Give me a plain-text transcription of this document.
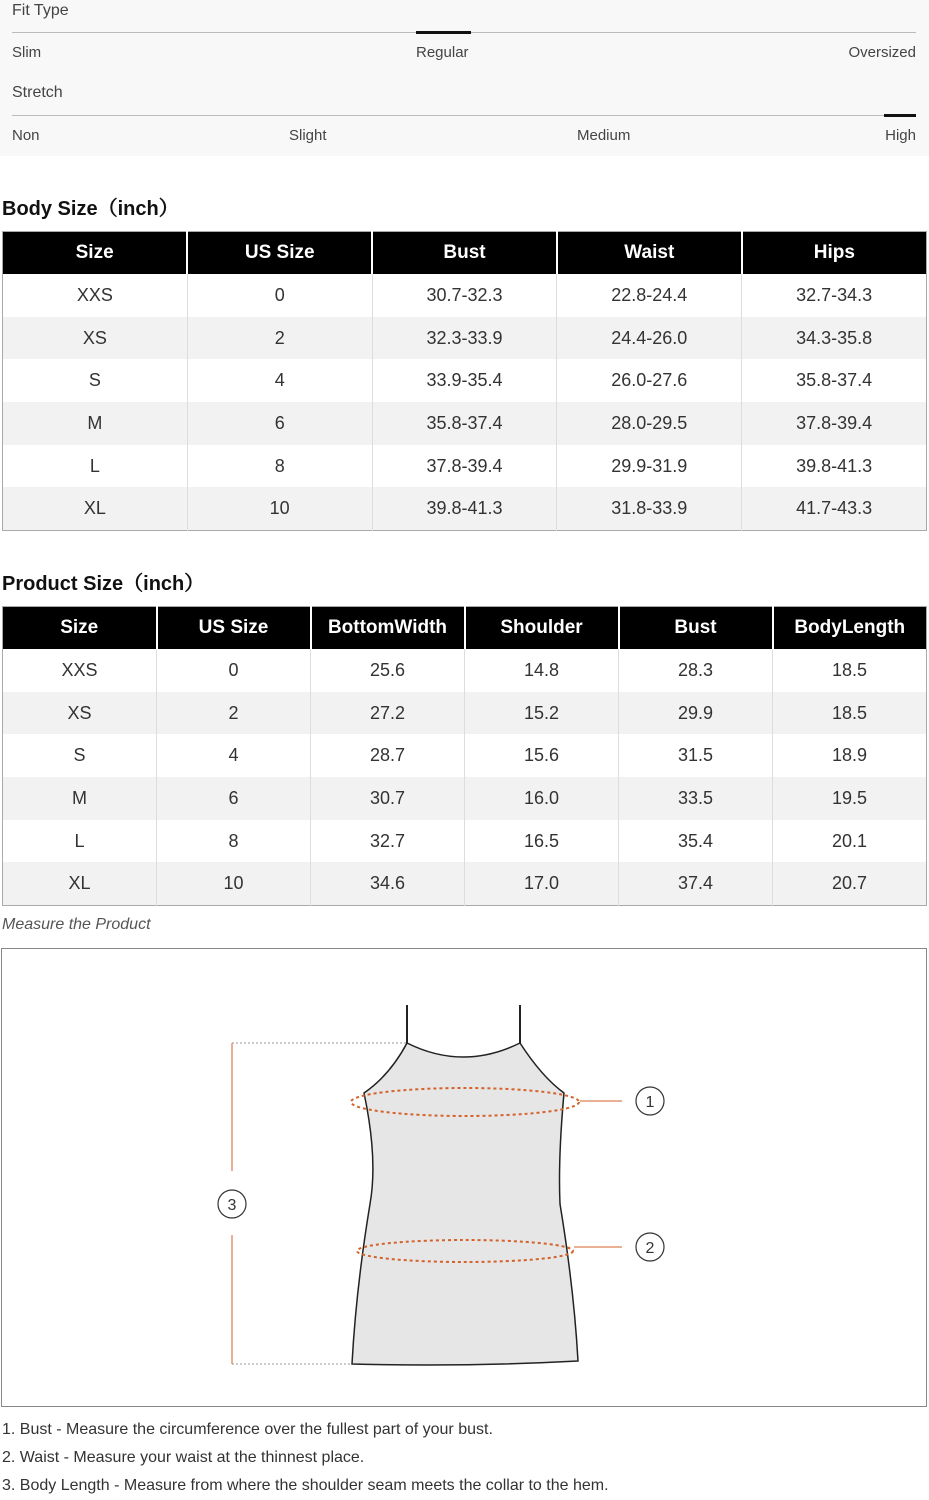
Fit Type
Slim	Regular	Oversized
Stretch
Non	Slight	Medium	High
Body Size（inch）
Size	US Size	Bust	Waist	Hips
XXS	0	30.7-32.3	22.8-24.4	32.7-34.3
XS	2	32.3-33.9	24.4-26.0	34.3-35.8
S	4	33.9-35.4	26.0-27.6	35.8-37.4
M	6	35.8-37.4	28.0-29.5	37.8-39.4
L	8	37.8-39.4	29.9-31.9	39.8-41.3
XL	10	39.8-41.3	31.8-33.9	41.7-43.3
Product Size（inch）
Size	US Size	BottomWidth	Shoulder	Bust	BodyLength
XXS	0	25.6	14.8	28.3	18.5
XS	2	27.2	15.2	29.9	18.5
S	4	28.7	15.6	31.5	18.9
M	6	30.7	16.0	33.5	19.5
L	8	32.7	16.5	35.4	20.1
XL	10	34.6	17.0	37.4	20.7
Measure the Product
1
2
3
1. Bust - Measure the circumference over the fullest part of your bust.
2. Waist - Measure your waist at the thinnest place.
3. Body Length - Measure from where the shoulder seam meets the collar to the hem.
